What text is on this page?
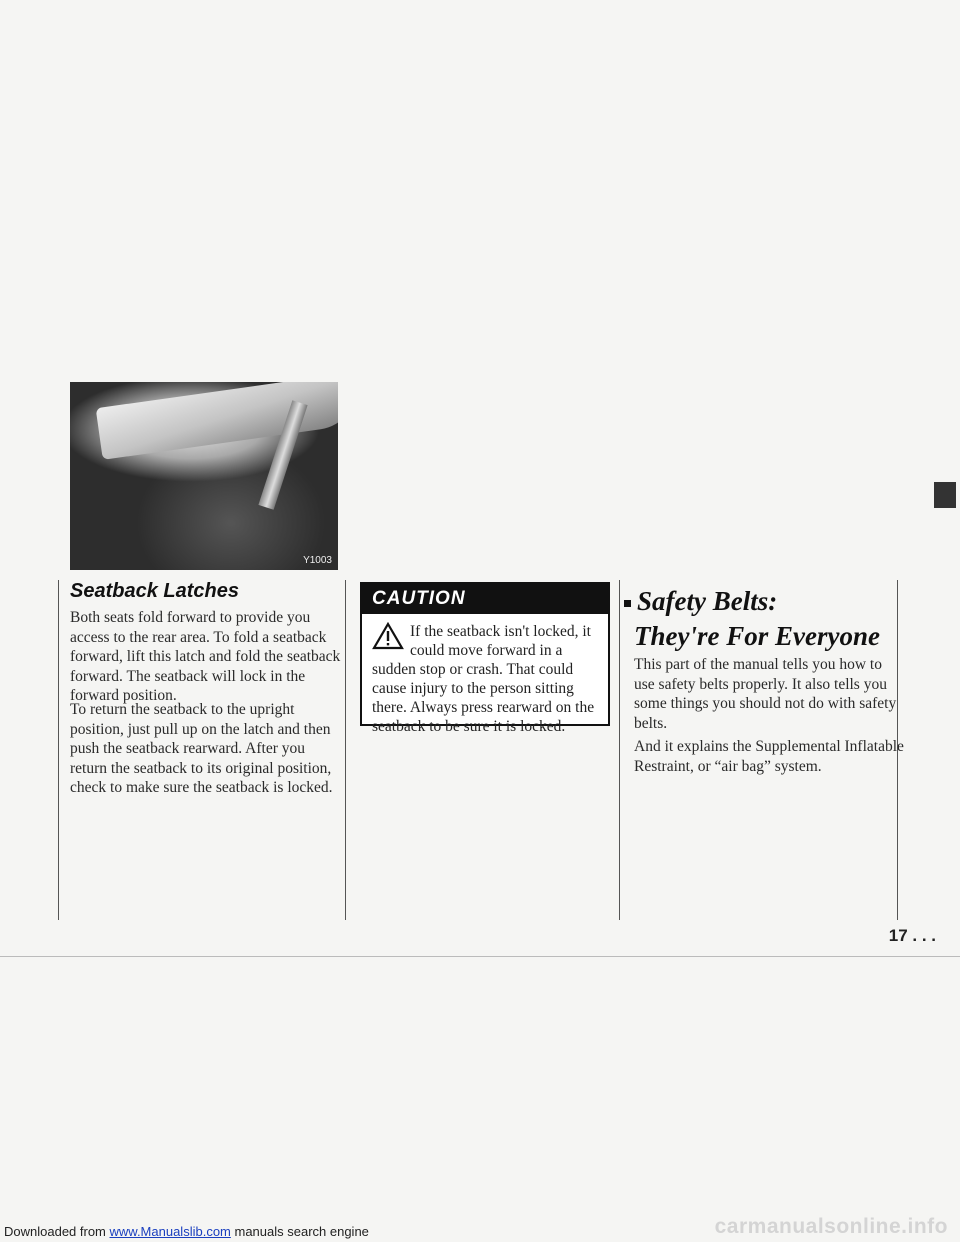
Y1003
Seatback Latches

Both seats fold forward to provide you access to the rear area. To fold a seatback forward, lift this latch and fold the seatback forward. The seatback will lock in the forward position.

To return the seatback to the upright position, just pull up on the latch and then push the seatback rearward. After you return the seatback to its original position, check to make sure the seatback is locked.

CAUTION
If the seatback isn't locked, it could move forward in a sudden stop or crash. That could cause injury to the person sitting there. Always press rearward on the seatback to be sure it is locked.

Safety Belts:

They're For Everyone

This part of the manual tells you how to use safety belts properly. It also tells you some things you should not do with safety belts.

And it explains the Supplemental Inflatable Restraint, or “air bag” system.

17 . . .
Downloaded from www.Manualslib.com manuals search engine	carmanualsonline.info
